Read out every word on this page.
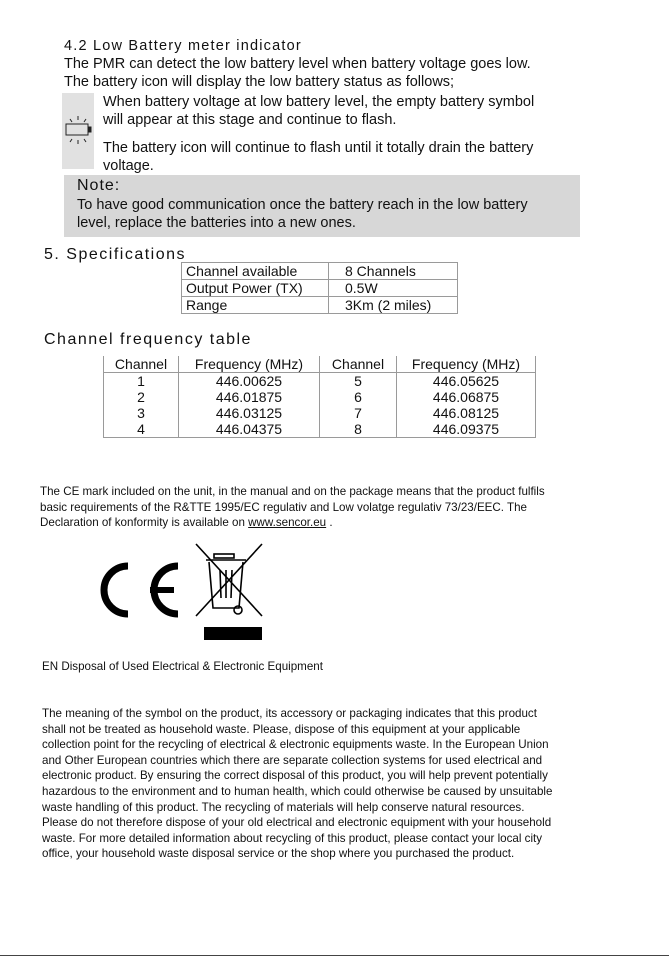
4.2 Low Battery meter indicator
The PMR can detect the low battery level when battery voltage goes low.
The battery icon will display the low battery status as follows;
When battery voltage at low battery level, the empty battery symbol
will appear at this stage and continue to flash.
The battery icon will continue to flash until it totally drain the battery
voltage.
Note:
To have good communication once the battery reach in the low battery
level, replace the batteries into a new ones.
5. Specifications
Channel available	8 Channels
Output Power (TX)	0.5W
Range	3Km (2 miles)
Channel frequency table
Channel	Frequency (MHz)	Channel	Frequency (MHz)
1	446.00625	5	446.05625
2	446.01875	6	446.06875
3	446.03125	7	446.08125
4	446.04375	8	446.09375
The CE mark included on the unit, in the manual and on the package means that the product fulfils
basic requirements of the R&TTE 1995/EC regulativ and Low volatge regulativ 73/23/EEC. The
Declaration of konformity is available on www.sencor.eu .
EN Disposal of Used Electrical & Electronic Equipment
The meaning of the symbol on the product, its accessory or packaging indicates that this product
shall not be treated as household waste. Please, dispose of this equipment at your applicable
collection point for the recycling of electrical & electronic equipments waste. In the European Union
and Other European countries which there are separate collection systems for used electrical and
electronic product. By ensuring the correct disposal of this product, you will help prevent potentially
hazardous to the environment and to human health, which could otherwise be caused by unsuitable
waste handling of this product. The recycling of materials will help conserve natural resources.
Please do not therefore dispose of your old electrical and electronic equipment with your household
waste. For more detailed information about recycling of this product, please contact your local city
office, your household waste disposal service or the shop where you purchased the product.
